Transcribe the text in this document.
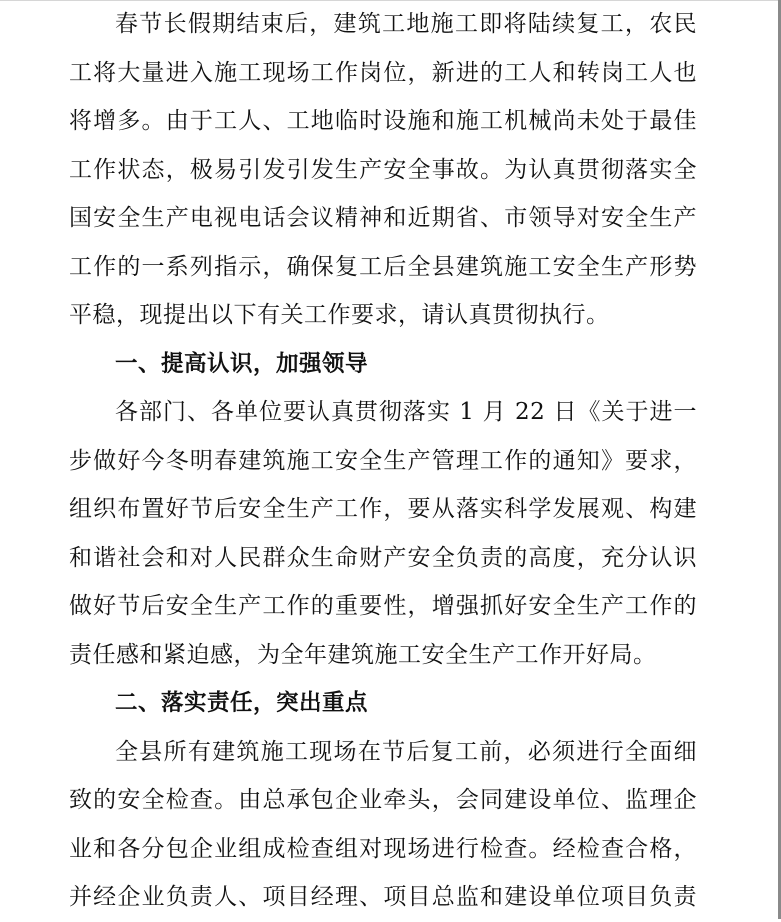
春节长假期结束后，建筑工地施工即将陆续复工，农民
工将大量进入施工现场工作岗位，新进的工人和转岗工人也
将增多。由于工人、工地临时设施和施工机械尚未处于最佳
工作状态，极易引发引发生产安全事故。为认真贯彻落实全
国安全生产电视电话会议精神和近期省、市领导对安全生产
工作的一系列指示，确保复工后全县建筑施工安全生产形势
平稳，现提出以下有关工作要求，请认真贯彻执行。
一、提高认识，加强领导
各部门、各单位要认真贯彻落实 1 月 22 日《关于进一
步做好今冬明春建筑施工安全生产管理工作的通知》要求，
组织布置好节后安全生产工作，要从落实科学发展观、构建
和谐社会和对人民群众生命财产安全负责的高度，充分认识
做好节后安全生产工作的重要性，增强抓好安全生产工作的
责任感和紧迫感，为全年建筑施工安全生产工作开好局。
二、落实责任，突出重点
全县所有建筑施工现场在节后复工前，必须进行全面细
致的安全检查。由总承包企业牵头，会同建设单位、监理企
业和各分包企业组成检查组对现场进行检查。经检查合格，
并经企业负责人、项目经理、项目总监和建设单位项目负责
